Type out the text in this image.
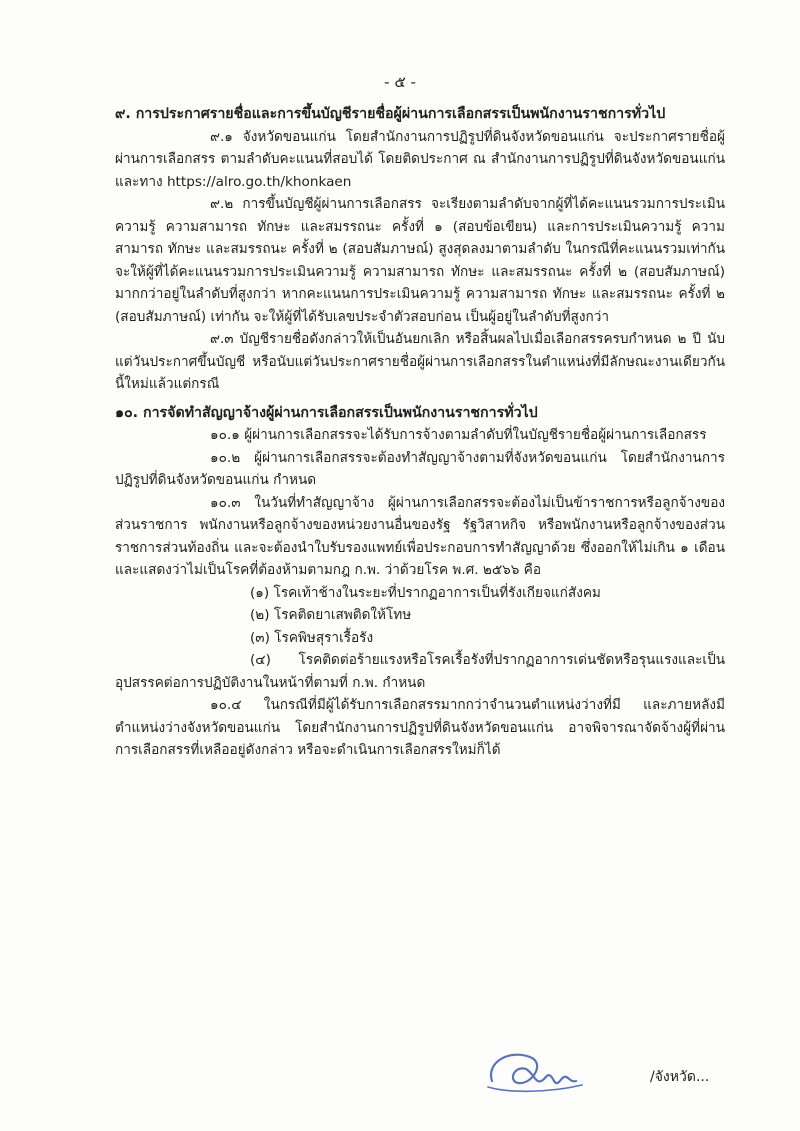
- ๕ -

๙. การประกาศรายชื่อและการขึ้นบัญชีรายชื่อผู้ผ่านการเลือกสรรเป็นพนักงานราชการทั่วไป

๙.๑ จังหวัดขอนแก่น โดยสำนักงานการปฏิรูปที่ดินจังหวัดขอนแก่น จะประกาศรายชื่อผู้ผ่านการเลือกสรร ตามลำดับคะแนนที่สอบได้ โดยติดประกาศ ณ สำนักงานการปฏิรูปที่ดินจังหวัดขอนแก่น และทาง https://alro.go.th/khonkaen

๙.๒ การขึ้นบัญชีผู้ผ่านการเลือกสรร จะเรียงตามลำดับจากผู้ที่ได้คะแนนรวมการประเมินความรู้ ความสามารถ ทักษะ และสมรรถนะ ครั้งที่ ๑ (สอบข้อเขียน) และการประเมินความรู้ ความสามารถ ทักษะ และสมรรถนะ ครั้งที่ ๒ (สอบสัมภาษณ์) สูงสุดลงมาตามลำดับ ในกรณีที่คะแนนรวมเท่ากัน จะให้ผู้ที่ได้คะแนนรวมการประเมินความรู้ ความสามารถ ทักษะ และสมรรถนะ ครั้งที่ ๒ (สอบสัมภาษณ์) มากกว่าอยู่ในลำดับที่สูงกว่า หากคะแนนการประเมินความรู้ ความสามารถ ทักษะ และสมรรถนะ ครั้งที่ ๒ (สอบสัมภาษณ์) เท่ากัน จะให้ผู้ที่ได้รับเลขประจำตัวสอบก่อน เป็นผู้อยู่ในลำดับที่สูงกว่า

๙.๓ บัญชีรายชื่อดังกล่าวให้เป็นอันยกเลิก หรือสิ้นผลไปเมื่อเลือกสรรครบกำหนด ๒ ปี นับแต่วันประกาศขึ้นบัญชี หรือนับแต่วันประกาศรายชื่อผู้ผ่านการเลือกสรรในตำแหน่งที่มีลักษณะงานเดียวกันนี้ใหม่แล้วแต่กรณี

๑๐. การจัดทำสัญญาจ้างผู้ผ่านการเลือกสรรเป็นพนักงานราชการทั่วไป

๑๐.๑ ผู้ผ่านการเลือกสรรจะได้รับการจ้างตามลำดับที่ในบัญชีรายชื่อผู้ผ่านการเลือกสรร

๑๐.๒ ผู้ผ่านการเลือกสรรจะต้องทำสัญญาจ้างตามที่จังหวัดขอนแก่น โดยสำนักงานการปฏิรูปที่ดินจังหวัดขอนแก่น กำหนด

๑๐.๓ ในวันที่ทำสัญญาจ้าง ผู้ผ่านการเลือกสรรจะต้องไม่เป็นข้าราชการหรือลูกจ้างของส่วนราชการ พนักงานหรือลูกจ้างของหน่วยงานอื่นของรัฐ รัฐวิสาหกิจ หรือพนักงานหรือลูกจ้างของส่วนราชการส่วนท้องถิ่น และจะต้องนำใบรับรองแพทย์เพื่อประกอบการทำสัญญาด้วย ซึ่งออกให้ไม่เกิน ๑ เดือน และแสดงว่าไม่เป็นโรคที่ต้องห้ามตามกฎ ก.พ. ว่าด้วยโรค พ.ศ. ๒๕๖๖ คือ

(๑) โรคเท้าช้างในระยะที่ปรากฏอาการเป็นที่รังเกียจแก่สังคม

(๒) โรคติดยาเสพติดให้โทษ

(๓) โรคพิษสุราเรื้อรัง

(๔) โรคติดต่อร้ายแรงหรือโรคเรื้อรังที่ปรากฏอาการเด่นชัดหรือรุนแรงและเป็นอุปสรรคต่อการปฏิบัติงานในหน้าที่ตามที่ ก.พ. กำหนด

๑๐.๔ ในกรณีที่มีผู้ได้รับการเลือกสรรมากกว่าจำนวนตำแหน่งว่างที่มี และภายหลังมีตำแหน่งว่างจังหวัดขอนแก่น โดยสำนักงานการปฏิรูปที่ดินจังหวัดขอนแก่น อาจพิจารณาจัดจ้างผู้ที่ผ่านการเลือกสรรที่เหลืออยู่ดังกล่าว หรือจะดำเนินการเลือกสรรใหม่ก็ได้

/จังหวัด...
